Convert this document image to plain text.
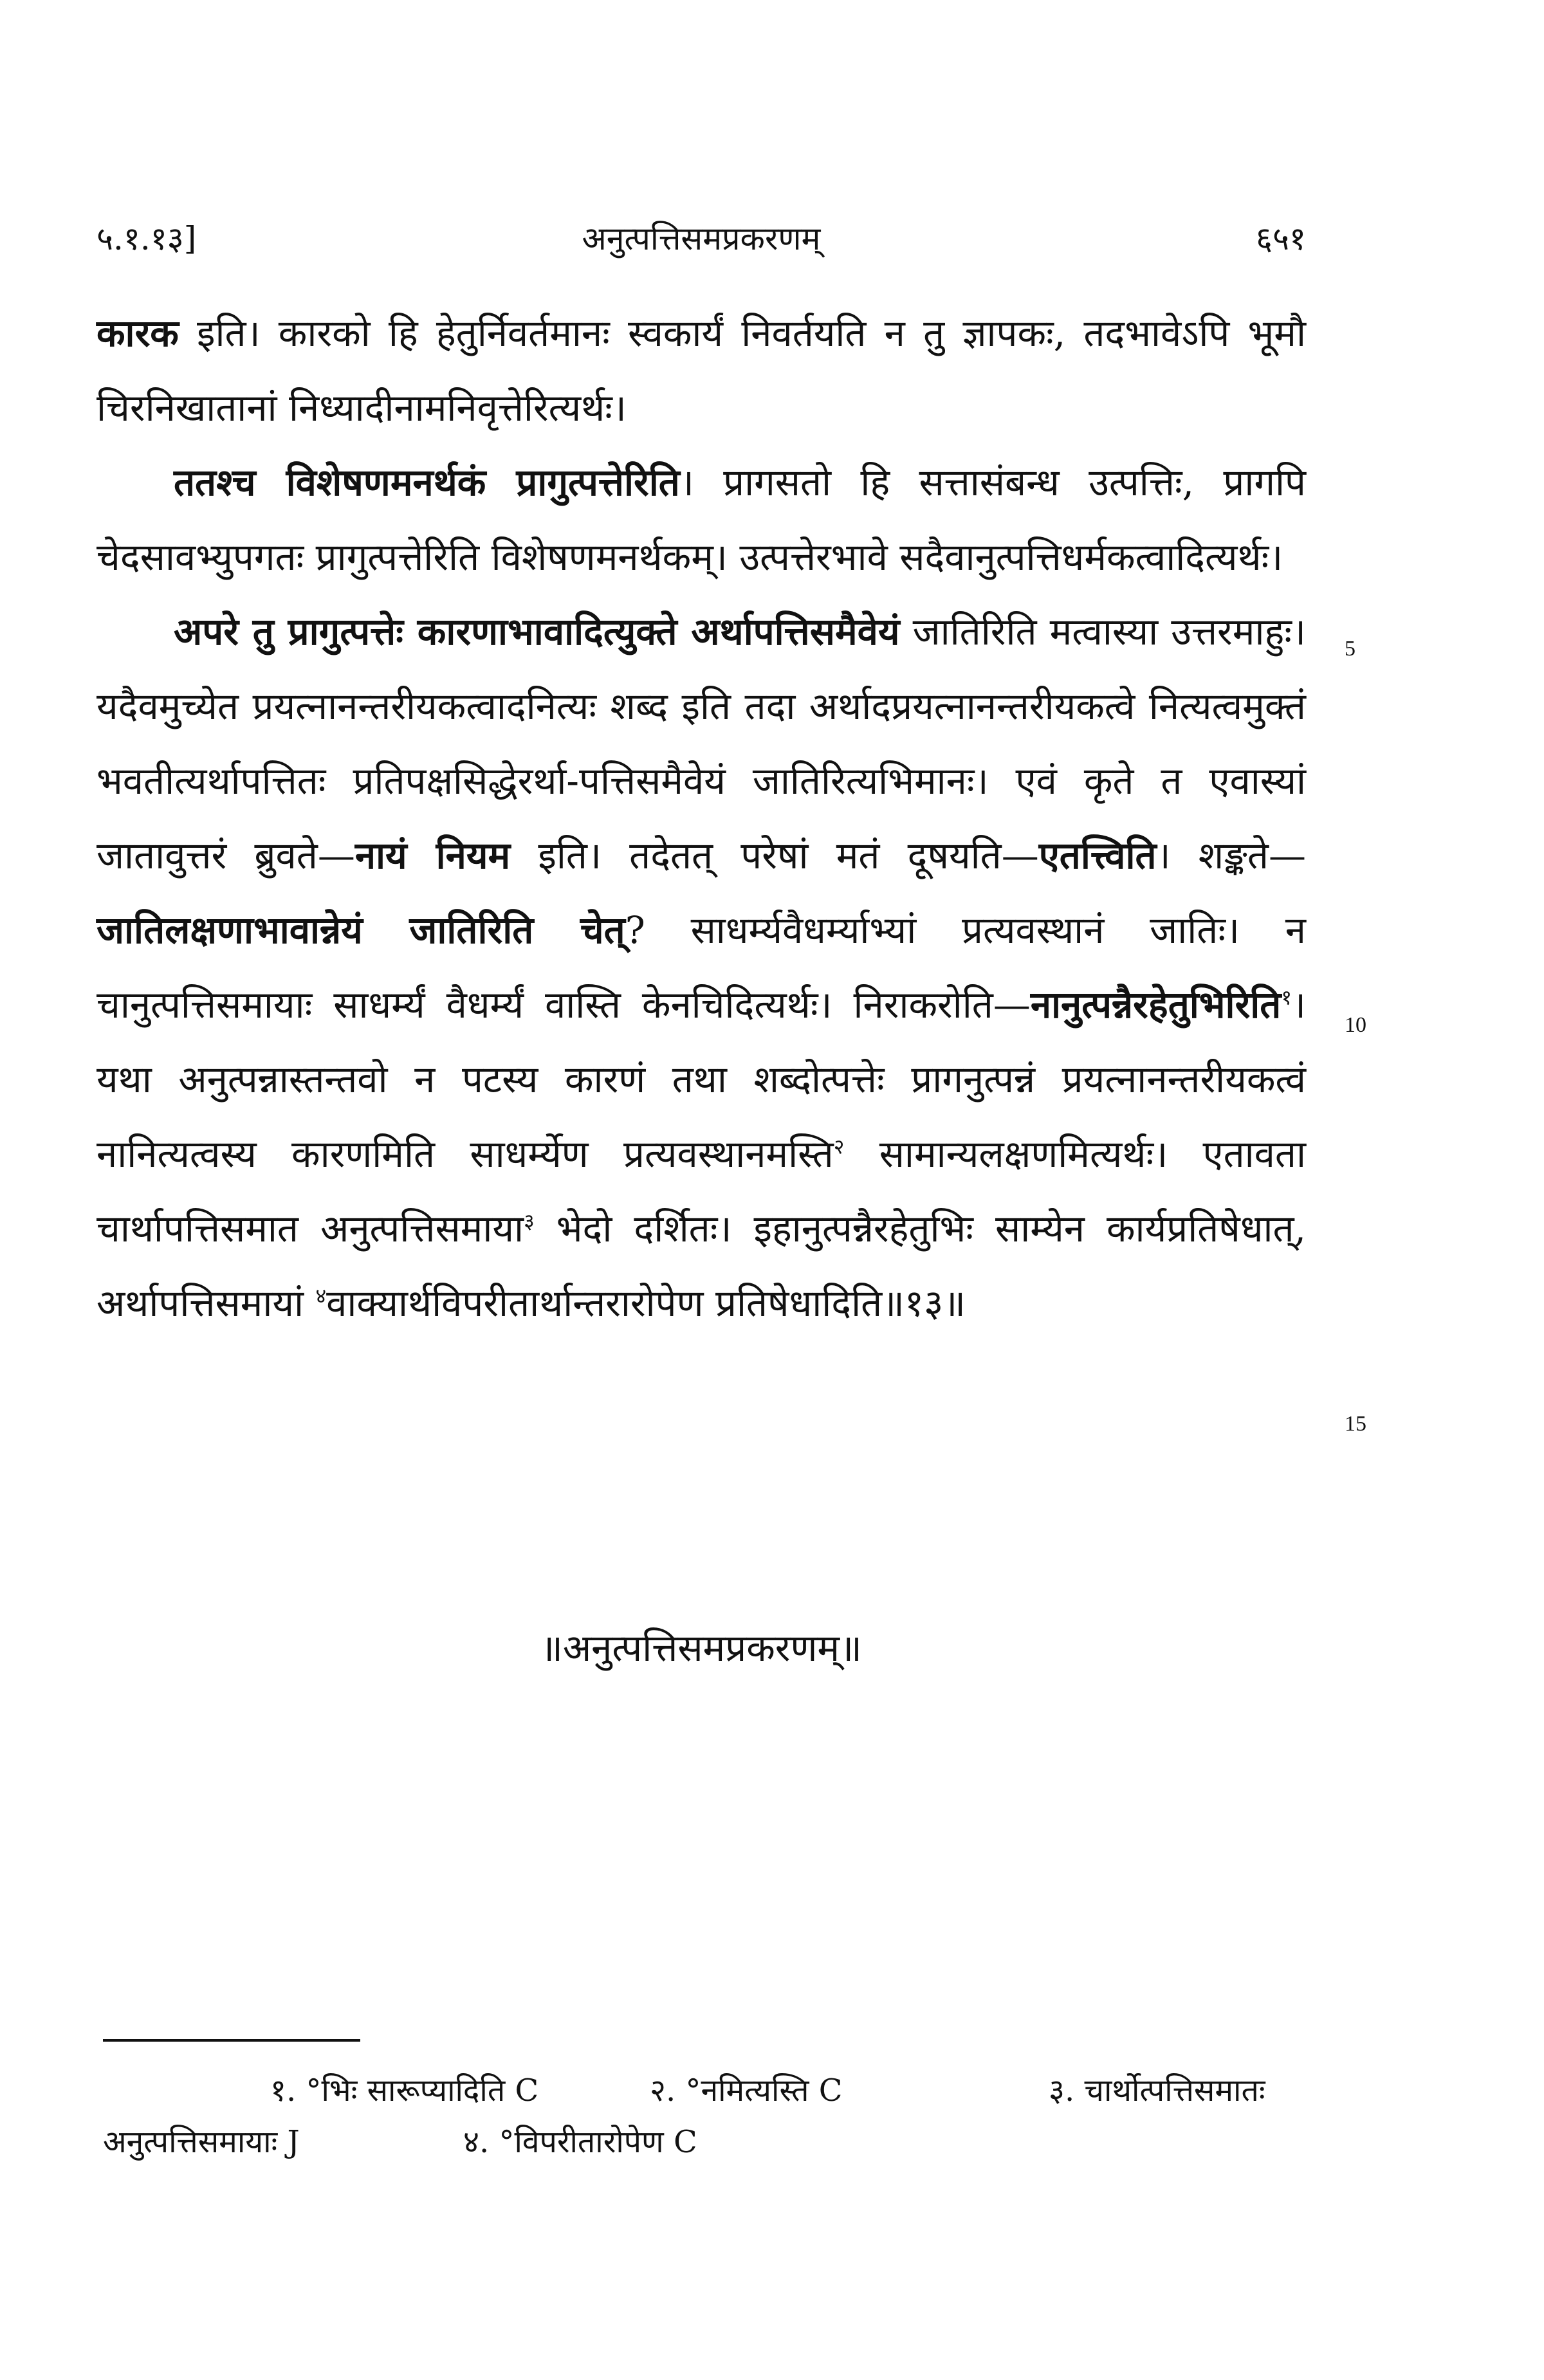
५.१.१३]	अनुत्पत्तिसमप्रकरणम्	६५१

कारक इति। कारको हि हेतुर्निवर्तमानः स्वकार्यं निवर्तयति न तु ज्ञापकः, तदभावेऽपि भूमौ चिरनिखातानां निध्यादीनामनिवृत्तेरित्यर्थः।

ततश्च विशेषणमनर्थकं प्रागुत्पत्तेरिति। प्रागसतो हि सत्तासंबन्ध उत्पत्तिः, प्रागपि चेदसावभ्युपगतः प्रागुत्पत्तेरिति विशेषणमनर्थकम्। उत्पत्तेरभावे सदैवानुत्पत्तिधर्मकत्वादित्यर्थः।

अपरे तु प्रागुत्पत्तेः कारणाभावादित्युक्ते अर्थापत्तिसमैवेयं जातिरिति मत्वास्या उत्तरमाहुः। यदैवमुच्येत प्रयत्नानन्तरीयकत्वादनित्यः शब्द इति तदा अर्थादप्रयत्नानन्तरीयकत्वे नित्यत्वमुक्तं भवतीत्यर्थापत्तितः प्रतिपक्षसिद्धेरर्था-पत्तिसमैवेयं जातिरित्यभिमानः। एवं कृते त एवास्यां जातावुत्तरं ब्रुवते—नायं नियम इति। तदेतत् परेषां मतं दूषयति—एतत्त्विति। शङ्कते—जातिलक्षणाभावान्नेयं जातिरिति चेत्? साधर्म्यवैधर्म्याभ्यां प्रत्यवस्थानं जातिः। न चानुत्पत्तिसमायाः साधर्म्यं वैधर्म्यं वास्ति केनचिदित्यर्थः। निराकरोति—नानुत्पन्नैरहेतुभिरिति$^१$। यथा अनुत्पन्नास्तन्तवो न पटस्य कारणं तथा शब्दोत्पत्तेः प्रागनुत्पन्नं प्रयत्नानन्तरीयकत्वं नानित्यत्वस्य कारणमिति साधर्म्येण प्रत्यवस्थानमस्ति$^२$ सामान्यलक्षणमित्यर्थः। एतावता चार्थापत्तिसमात अनुत्पत्तिसमाया$^३$ भेदो दर्शितः। इहानुत्पन्नैरहेतुभिः साम्येन कार्यप्रतिषेधात्, अर्थापत्तिसमायां $^४$वाक्यार्थविपरीतार्थान्तरारोपेण प्रतिषेधादिति॥१३॥

॥अनुत्पत्तिसमप्रकरणम्॥
5
10
15
१. °भिः सारूप्यादिति C	२. °नमित्यस्ति C	३. चार्थोत्पत्तिसमातः
अनुत्पत्तिसमायाः J	४. °विपरीतारोपेण C
